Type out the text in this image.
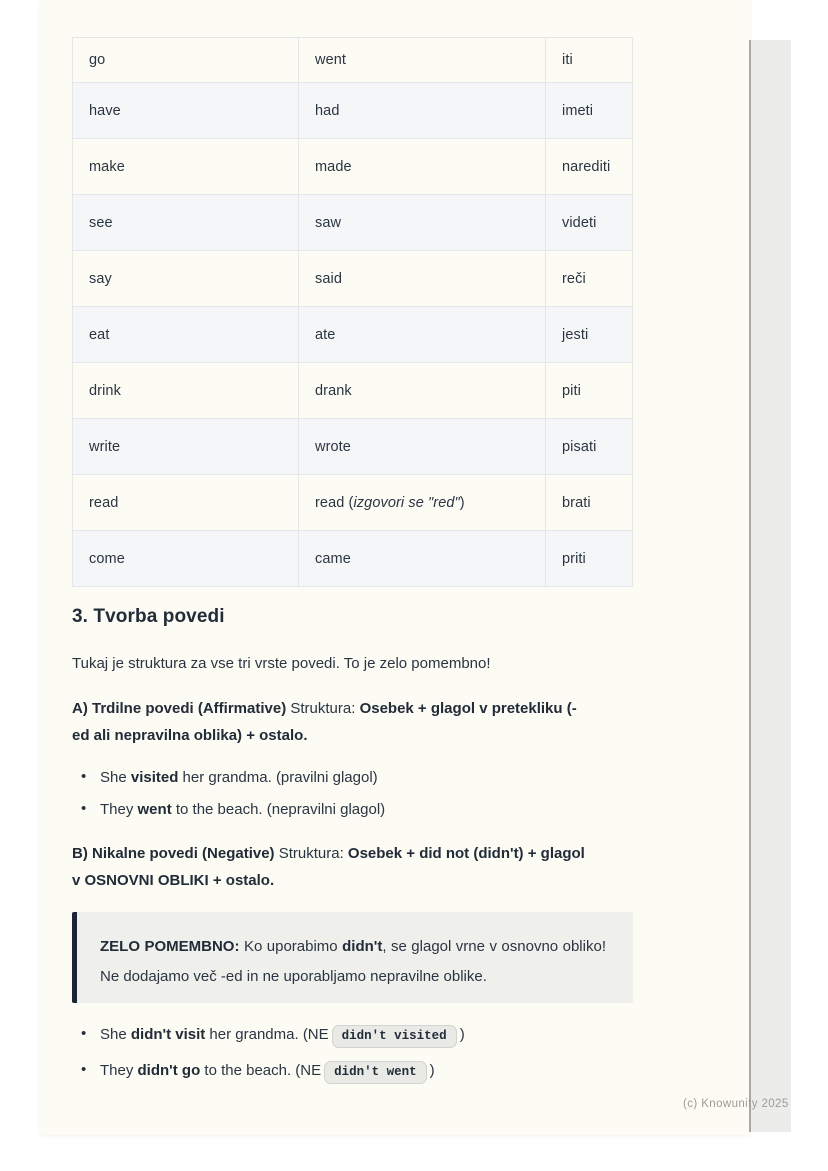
go	went	iti
have	had	imeti
make	made	narediti
see	saw	videti
say	said	reči
eat	ate	jesti
drink	drank	piti
write	wrote	pisati
read	read ( izgovori se "red" )	brati
come	came	priti
3. Tvorba povedi

Tukaj je struktura za vse tri vrste povedi. To je zelo pomembno!

A) Trdilne povedi (Affirmative) Struktura: Osebek + glagol v pretekliku (-
ed ali nepravilna oblika) + ostalo.

• She visited her grandma. (pravilni glagol)
• They went to the beach. (nepravilni glagol)

B) Nikalne povedi (Negative) Struktura: Osebek + did not (didn't) + glagol
v OSNOVNI OBLIKI + ostalo.

ZELO POMEMBNO: Ko uporabimo didn't, se glagol vrne v osnovno obliko! Ne dodajamo več -ed in ne uporabljamo nepravilne oblike.

• She didn't visit her grandma. (NE didn't visited )
• They didn't go to the beach. (NE didn't went )
(c) Knowunity 2025
